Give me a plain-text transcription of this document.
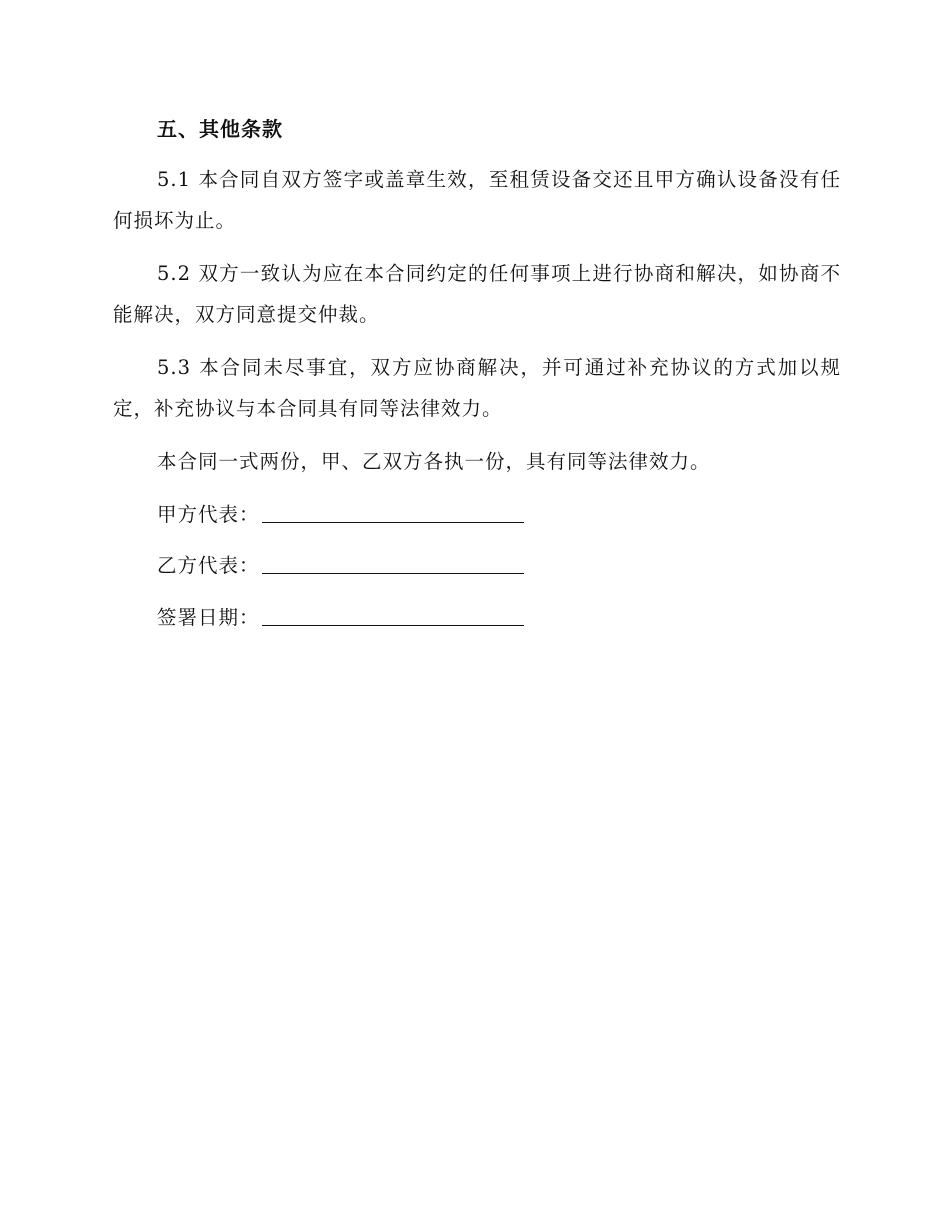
五、其他条款

5.1 本合同自双方签字或盖章生效，至租赁设备交还且甲方确认设备没有任何损坏为止。

5.2 双方一致认为应在本合同约定的任何事项上进行协商和解决，如协商不能解决，双方同意提交仲裁。

5.3 本合同未尽事宜，双方应协商解决，并可通过补充协议的方式加以规定，补充协议与本合同具有同等法律效力。

本合同一式两份，甲、乙双方各执一份，具有同等法律效力。

甲方代表：
乙方代表：
签署日期：
